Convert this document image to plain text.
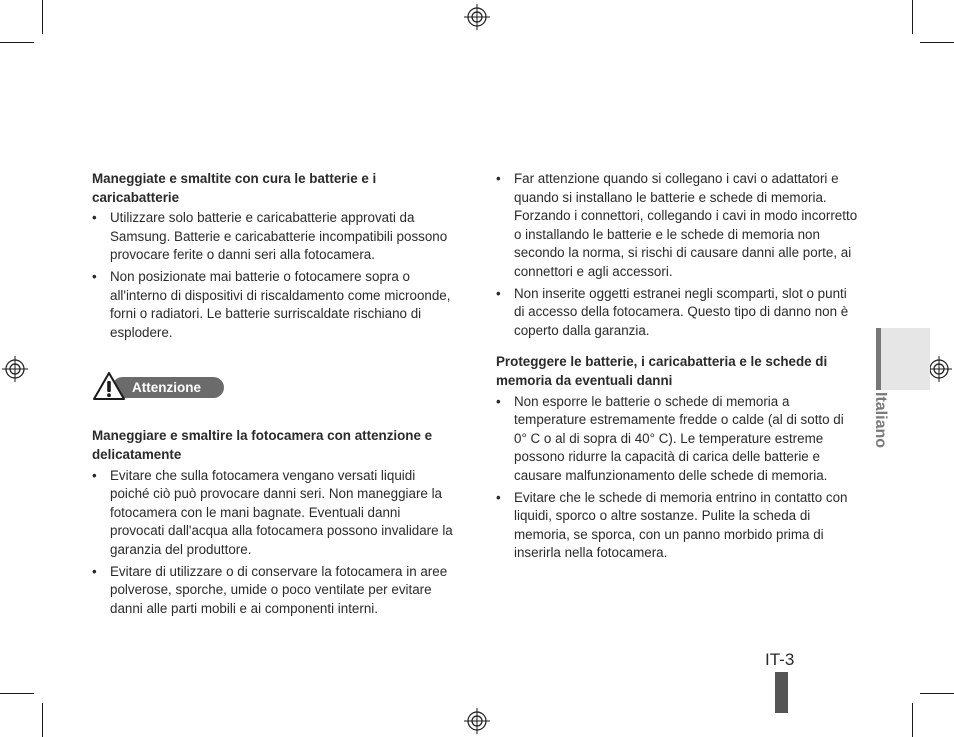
Maneggiate e smaltite con cura le batterie e i caricabatterie

• Utilizzare solo batterie e caricabatterie approvati da Samsung. Batterie e caricabatterie incompatibili possono provocare ferite o danni seri alla fotocamera.
• Non posizionate mai batterie o fotocamere sopra o all'interno di dispositivi di riscaldamento come microonde, forni o radiatori. Le batterie surriscaldate rischiano di esplodere.
Attenzione

Maneggiare e smaltire la fotocamera con attenzione e delicatamente

• Evitare che sulla fotocamera vengano versati liquidi poiché ciò può provocare danni seri. Non maneggiare la fotocamera con le mani bagnate. Eventuali danni provocati dall'acqua alla fotocamera possono invalidare la garanzia del produttore.
• Evitare di utilizzare o di conservare la fotocamera in aree polverose, sporche, umide o poco ventilate per evitare danni alle parti mobili e ai componenti interni.
• Far attenzione quando si collegano i cavi o adattatori e quando si installano le batterie e schede di memoria. Forzando i connettori, collegando i cavi in modo incorretto o installando le batterie e le schede di memoria non secondo la norma, si rischi di causare danni alle porte, ai connettori e agli accessori.
• Non inserite oggetti estranei negli scomparti, slot o punti di accesso della fotocamera. Questo tipo di danno non è coperto dalla garanzia.

Proteggere le batterie, i caricabatteria e le schede di memoria da eventuali danni

• Non esporre le batterie o schede di memoria a temperature estremamente fredde o calde (al di sotto di 0° C o al di sopra di 40° C). Le temperature estreme possono ridurre la capacità di carica delle batterie e causare malfunzionamento delle schede di memoria.
• Evitare che le schede di memoria entrino in contatto con liquidi, sporco o altre sostanze. Pulite la scheda di memoria, se sporca, con un panno morbido prima di inserirla nella fotocamera.
Italiano
IT-3
